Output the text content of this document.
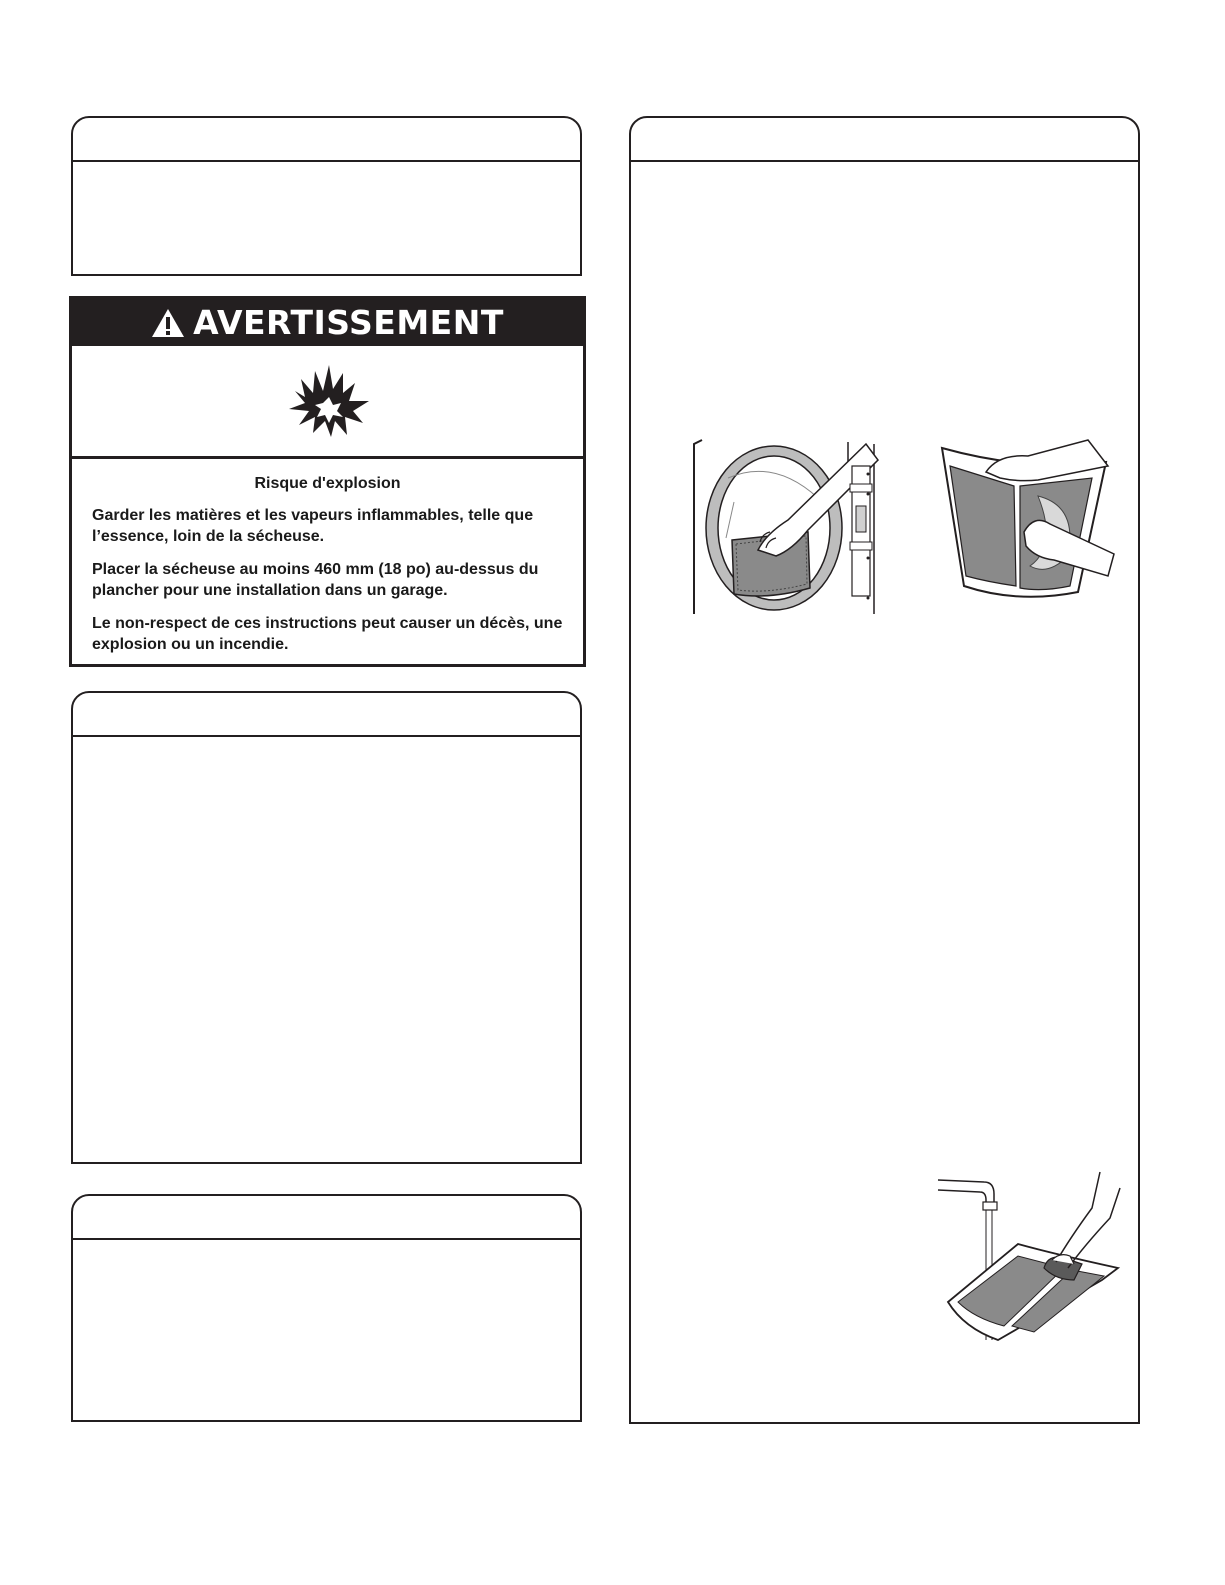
AVERTISSEMENT
Risque d'explosion

Garder les matières et les vapeurs inflammables, telle que l’essence, loin de la sécheuse.

Placer la sécheuse au moins 460 mm (18 po) au-dessus du plancher pour une installation dans un garage.

Le non-respect de ces instructions peut causer un décès, une explosion ou un incendie.
